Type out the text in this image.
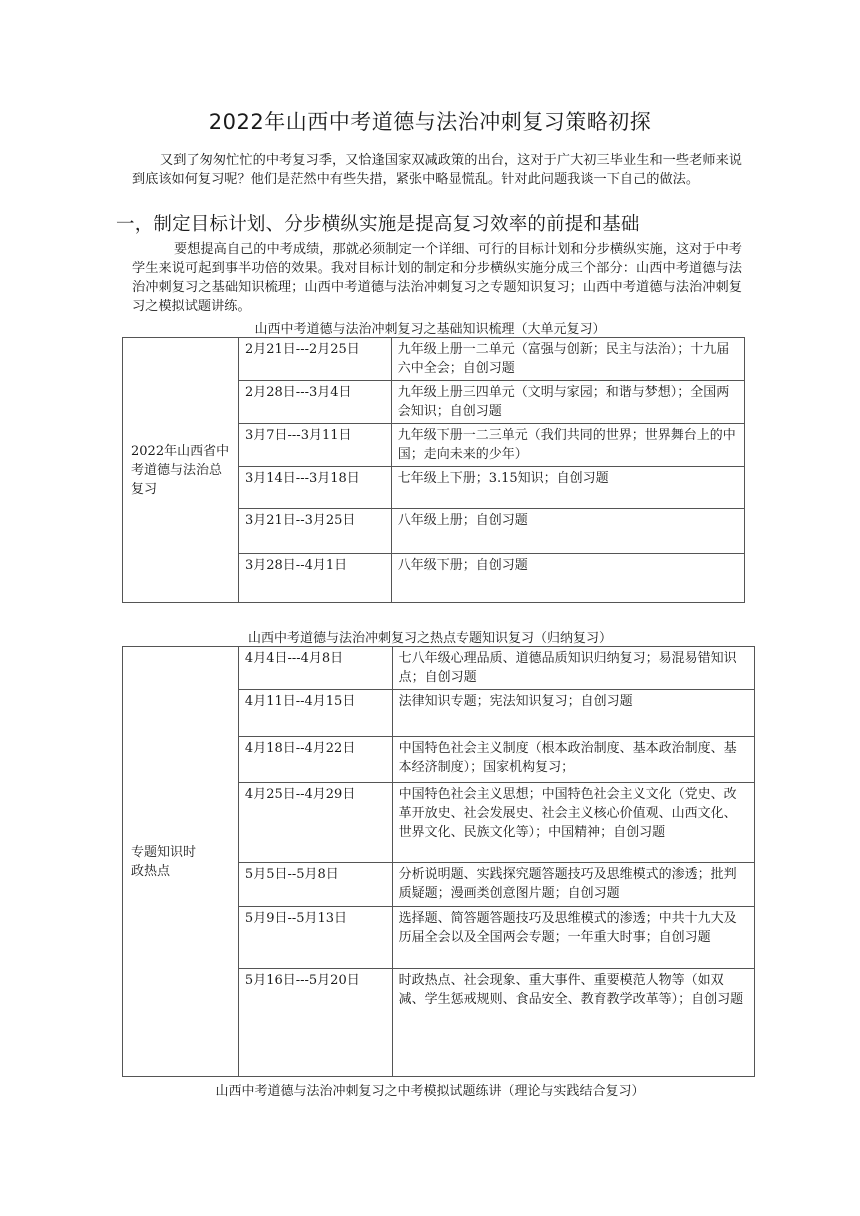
2022年山西中考道德与法治冲刺复习策略初探
又到了匆匆忙忙的中考复习季，又恰逢国家双减政策的出台，这对于广大初三毕业生和一些老师来说到底该如何复习呢？他们是茫然中有些失措，紧张中略显慌乱。针对此问题我谈一下自己的做法。
一，制定目标计划、分步横纵实施是提高复习效率的前提和基础
要想提高自己的中考成绩，那就必须制定一个详细、可行的目标计划和分步横纵实施，这对于中考学生来说可起到事半功倍的效果。我对目标计划的制定和分步横纵实施分成三个部分：山西中考道德与法治冲刺复习之基础知识梳理；山西中考道德与法治冲刺复习之专题知识复习；山西中考道德与法治冲刺复习之模拟试题讲练。
山西中考道德与法治冲刺复习之基础知识梳理（大单元复习）
2022年山西省中考道德与法治总复习	2月21日---2月25日	九年级上册一二单元（富强与创新；民主与法治）；十九届六中全会；自创习题
	2月28日---3月4日	九年级上册三四单元（文明与家园；和谐与梦想）；全国两会知识；自创习题
	3月7日---3月11日	九年级下册一二三单元（我们共同的世界；世界舞台上的中国；走向未来的少年）
	3月14日---3月18日	七年级上下册；3.15知识；自创习题
	3月21日--3月25日	八年级上册；自创习题
	3月28日--4月1日	八年级下册；自创习题
山西中考道德与法治冲刺复习之热点专题知识复习（归纳复习）
专题知识时政热点	4月4日---4月8日	七八年级心理品质、道德品质知识归纳复习；易混易错知识点；自创习题
	4月11日--4月15日	法律知识专题；宪法知识复习；自创习题
	4月18日--4月22日	中国特色社会主义制度（根本政治制度、基本政治制度、基本经济制度）；国家机构复习；
	4月25日--4月29日	中国特色社会主义思想；中国特色社会主义文化（党史、改革开放史、社会发展史、社会主义核心价值观、山西文化、世界文化、民族文化等）；中国精神；自创习题
	5月5日--5月8日	分析说明题、实践探究题答题技巧及思维模式的渗透；批判质疑题；漫画类创意图片题；自创习题
	5月9日--5月13日	选择题、简答题答题技巧及思维模式的渗透；中共十九大及历届全会以及全国两会专题；一年重大时事；自创习题
	5月16日---5月20日	时政热点、社会现象、重大事件、重要模范人物等（如双减、学生惩戒规则、食品安全、教育教学改革等）；自创习题
山西中考道德与法治冲刺复习之中考模拟试题练讲（理论与实践结合复习）
